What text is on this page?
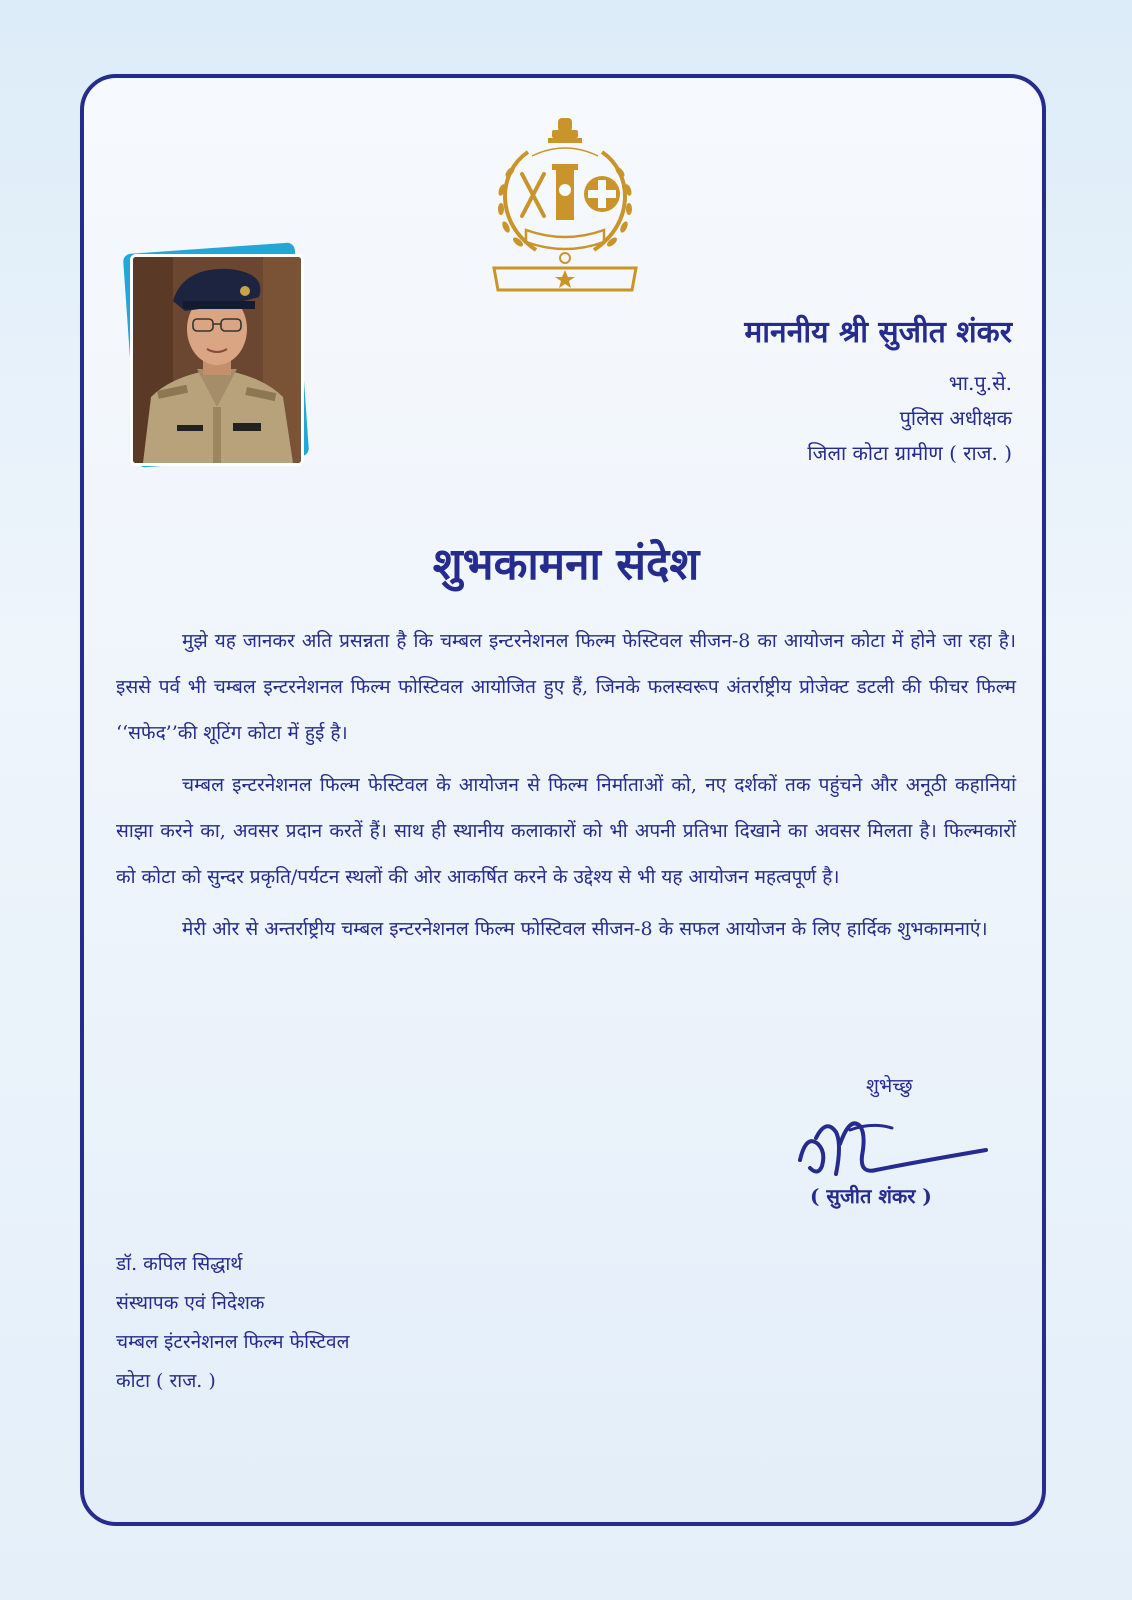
माननीय श्री सुजीत शंकर
भा.पु.से.
पुलिस अधीक्षक
जिला कोटा ग्रामीण ( राज. )
शुभकामना संदेश

मुझे यह जानकर अति प्रसन्नता है कि चम्बल इन्टरनेशनल फिल्म फेस्टिवल सीजन-8 का आयोजन कोटा में होने जा रहा है। इससे पर्व भी चम्बल इन्टरनेशनल फिल्म फोस्टिवल आयोजित हुए हैं, जिनके फलस्वरूप अंतर्राष्ट्रीय प्रोजेक्ट डटली की फीचर फिल्म ‘‘सफेद’’की शूटिंग कोटा में हुई है।

चम्बल इन्टरनेशनल फिल्म फेस्टिवल के आयोजन से फिल्म निर्माताओं को, नए दर्शकों तक पहुंचने और अनूठी कहानियां साझा करने का, अवसर प्रदान करतें हैं। साथ ही स्थानीय कलाकारों को भी अपनी प्रतिभा दिखाने का अवसर मिलता है। फिल्मकारों को कोटा को सुन्दर प्रकृति/पर्यटन स्थलों की ओर आकर्षित करने के उद्देश्य से भी यह आयोजन महत्वपूर्ण है।

मेरी ओर से अन्तर्राष्ट्रीय चम्बल इन्टरनेशनल फिल्म फोस्टिवल सीजन-8 के सफल आयोजन के लिए हार्दिक शुभकामनाएं।

शुभेच्छु
( सुजीत शंकर )
डॉ. कपिल सिद्धार्थ
संस्थापक एवं निदेशक
चम्बल इंटरनेशनल फिल्म फेस्टिवल
कोटा ( राज. )
